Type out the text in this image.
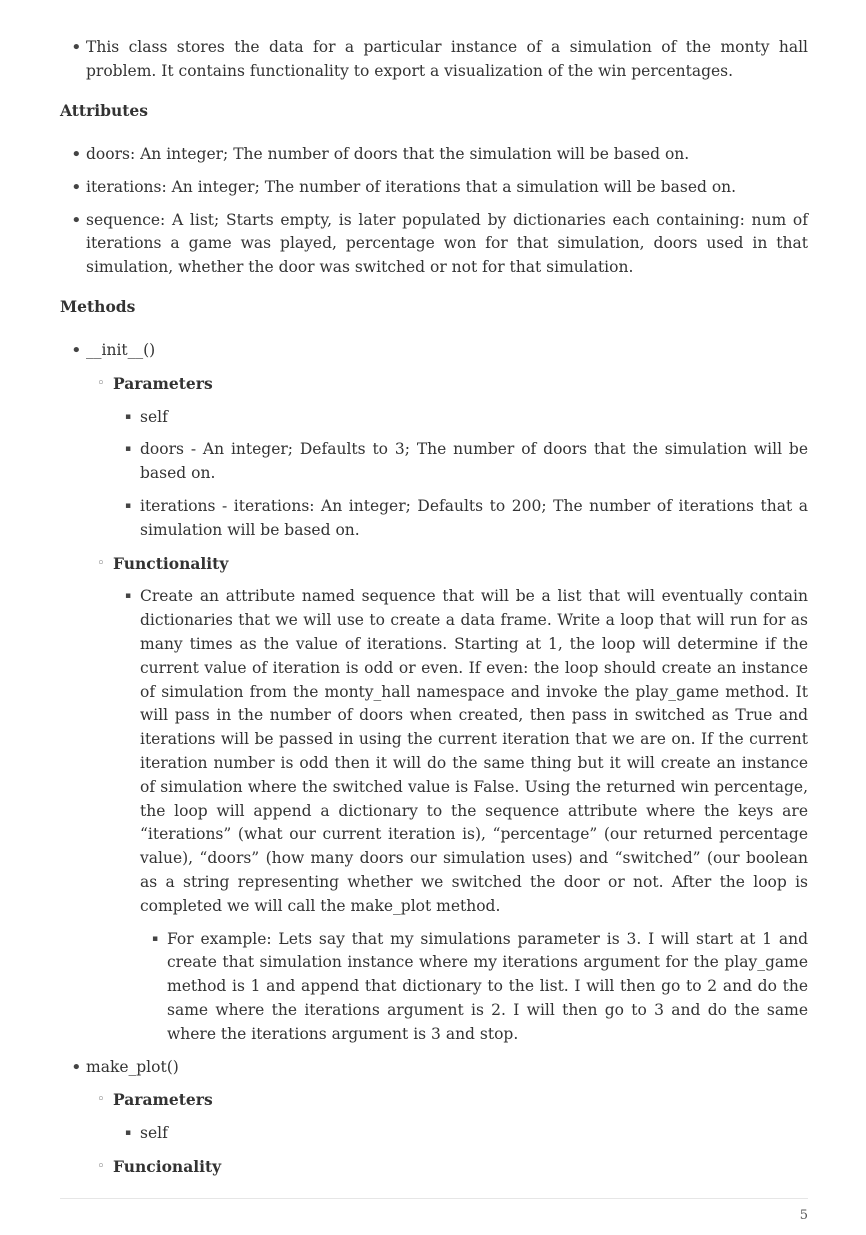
• This class stores the data for a particular instance of a simulation of the monty hall problem. It contains functionality to export a visualization of the win percentages.
Attributes
• doors: An integer; The number of doors that the simulation will be based on.
• iterations: An integer; The number of iterations that a simulation will be based on.
• sequence: A list; Starts empty, is later populated by dictionaries each containing: num of iterations a game was played, percentage won for that simulation, doors used in that simulation, whether the door was switched or not for that simulation.
Methods
• __init__()
◦ Parameters
▪ self
▪ doors - An integer; Defaults to 3; The number of doors that the simulation will be based on.
▪ iterations - iterations: An integer; Defaults to 200; The number of iterations that a simulation will be based on.
◦ Functionality
▪ Create an attribute named sequence that will be a list that will eventually contain dictionaries that we will use to create a data frame. Write a loop that will run for as many times as the value of iterations. Starting at 1, the loop will determine if the current value of iteration is odd or even. If even: the loop should create an instance of simulation from the monty_hall namespace and invoke the play_game method. It will pass in the number of doors when created, then pass in switched as True and iterations will be passed in using the current iteration that we are on. If the current iteration number is odd then it will do the same thing but it will create an instance of simulation where the switched value is False. Using the returned win percentage, the loop will append a dictionary to the sequence attribute where the keys are “iterations” (what our current iteration is), “percentage” (our returned percentage value), “doors” (how many doors our simulation uses) and “switched” (our boolean as a string representing whether we switched the door or not. After the loop is completed we will call the make_plot method.
▪ For example: Lets say that my simulations parameter is 3. I will start at 1 and create that simulation instance where my iterations argument for the play_game method is 1 and append that dictionary to the list. I will then go to 2 and do the same where the iterations argument is 2. I will then go to 3 and do the same where the iterations argument is 3 and stop.
• make_plot()
◦ Parameters
▪ self
◦ Funcionality
5
